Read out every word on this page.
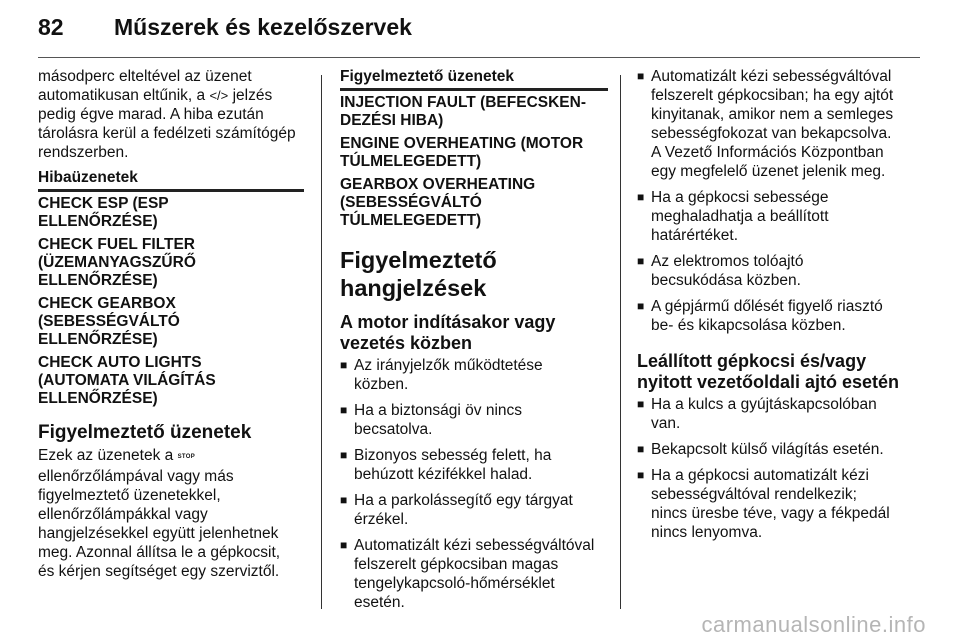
82 Műszerek és kezelőszervek
másodperc elteltével az üzenet
automatikusan eltűnik, a </> jelzés
pedig égve marad. A hiba ezután
tárolásra kerül a fedélzeti számítógép
rendszerben.
Hibaüzenetek
CHECK ESP (ESP
ELLENŐRZÉSE)
CHECK FUEL FILTER
(ÜZEMANYAGSZŰRŐ
ELLENŐRZÉSE)
CHECK GEARBOX
(SEBESSÉGVÁLTÓ
ELLENŐRZÉSE)
CHECK AUTO LIGHTS
(AUTOMATA VILÁGÍTÁS
ELLENŐRZÉSE)
Figyelmeztető üzenetek
Ezek az üzenetek a STOP
ellenőrzőlámpával vagy más
figyelmeztető üzenetekkel,
ellenőrzőlámpákkal vagy
hangjelzésekkel együtt jelenhetnek
meg. Azonnal állítsa le a gépkocsit,
és kérjen segítséget egy szerviztől.
Figyelmeztető üzenetek
INJECTION FAULT (BEFECSKEN-
DEZÉSI HIBA)
ENGINE OVERHEATING (MOTOR
TÚLMELEGEDETT)
GEARBOX OVERHEATING
(SEBESSÉGVÁLTÓ
TÚLMELEGEDETT)
Figyelmeztető
hangjelzések
A motor indításakor vagy
vezetés közben
■ Az irányjelzők működtetése
közben.
■ Ha a biztonsági öv nincs
becsatolva.
■ Bizonyos sebesség felett, ha
behúzott kézifékkel halad.
■ Ha a parkolássegítő egy tárgyat
érzékel.
■ Automatizált kézi sebességváltóval
felszerelt gépkocsiban magas
tengelykapcsoló-hőmérséklet
esetén.
■ Automatizált kézi sebességváltóval
felszerelt gépkocsiban; ha egy ajtót
kinyitanak, amikor nem a semleges
sebességfokozat van bekapcsolva.
A Vezető Információs Központban
egy megfelelő üzenet jelenik meg.
■ Ha a gépkocsi sebessége
meghaladhatja a beállított
határértéket.
■ Az elektromos tolóajtó
becsukódása közben.
■ A gépjármű dőlését figyelő riasztó
be- és kikapcsolása közben.
Leállított gépkocsi és/vagy
nyitott vezetőoldali ajtó esetén
■ Ha a kulcs a gyújtáskapcsolóban
van.
■ Bekapcsolt külső világítás esetén.
■ Ha a gépkocsi automatizált kézi
sebességváltóval rendelkezik;
nincs üresbe téve, vagy a fékpedál
nincs lenyomva.
carmanualsonline.info
